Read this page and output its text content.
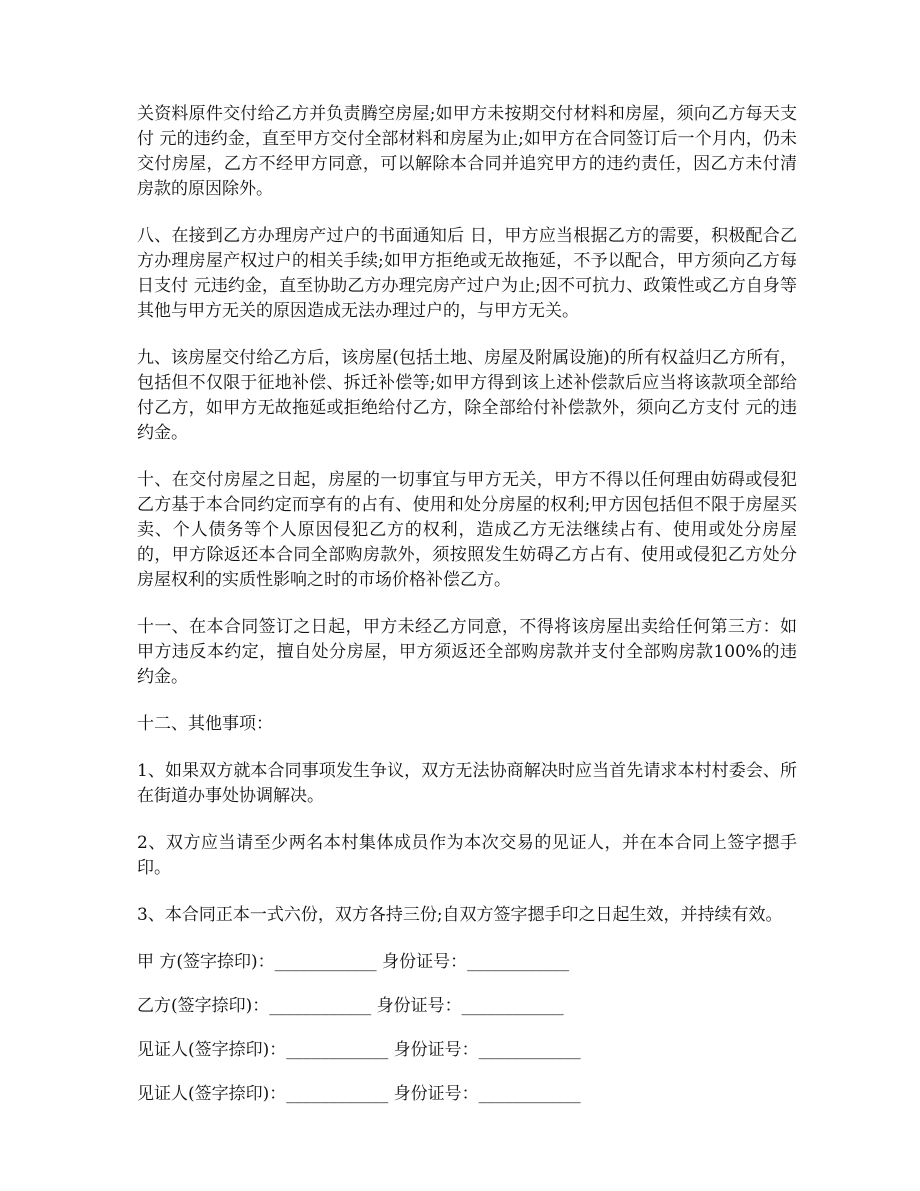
关资料原件交付给乙方并负责腾空房屋;如甲方未按期交付材料和房屋，须向乙方每天支付 元的违约金，直至甲方交付全部材料和房屋为止;如甲方在合同签订后一个月内，仍未交付房屋，乙方不经甲方同意，可以解除本合同并追究甲方的违约责任，因乙方未付清房款的原因除外。

八、在接到乙方办理房产过户的书面通知后 日，甲方应当根据乙方的需要，积极配合乙方办理房屋产权过户的相关手续;如甲方拒绝或无故拖延，不予以配合，甲方须向乙方每日支付 元违约金，直至协助乙方办理完房产过户为止;因不可抗力、政策性或乙方自身等其他与甲方无关的原因造成无法办理过户的，与甲方无关。

九、该房屋交付给乙方后，该房屋(包括土地、房屋及附属设施)的所有权益归乙方所有，包括但不仅限于征地补偿、拆迁补偿等;如甲方得到该上述补偿款后应当将该款项全部给付乙方，如甲方无故拖延或拒绝给付乙方，除全部给付补偿款外，须向乙方支付 元的违约金。

十、在交付房屋之日起，房屋的一切事宜与甲方无关，甲方不得以任何理由妨碍或侵犯乙方基于本合同约定而享有的占有、使用和处分房屋的权利;甲方因包括但不限于房屋买卖、个人债务等个人原因侵犯乙方的权利，造成乙方无法继续占有、使用或处分房屋的，甲方除返还本合同全部购房款外，须按照发生妨碍乙方占有、使用或侵犯乙方处分房屋权利的实质性影响之时的市场价格补偿乙方。

十一、在本合同签订之日起，甲方未经乙方同意，不得将该房屋出卖给任何第三方：如甲方违反本约定，擅自处分房屋，甲方须返还全部购房款并支付全部购房款100%的违约金。

十二、其他事项：

1、如果双方就本合同事项发生争议，双方无法协商解决时应当首先请求本村村委会、所在街道办事处协调解决。

2、双方应当请至少两名本村集体成员作为本次交易的见证人，并在本合同上签字摁手印。

3、本合同正本一式六份，双方各持三份;自双方签字摁手印之日起生效，并持续有效。

甲 方(签字捺印)：____________ 身份证号：____________
乙方(签字捺印)：____________ 身份证号：____________
见证人(签字捺印)：____________ 身份证号：____________
见证人(签字捺印)：____________ 身份证号：____________
